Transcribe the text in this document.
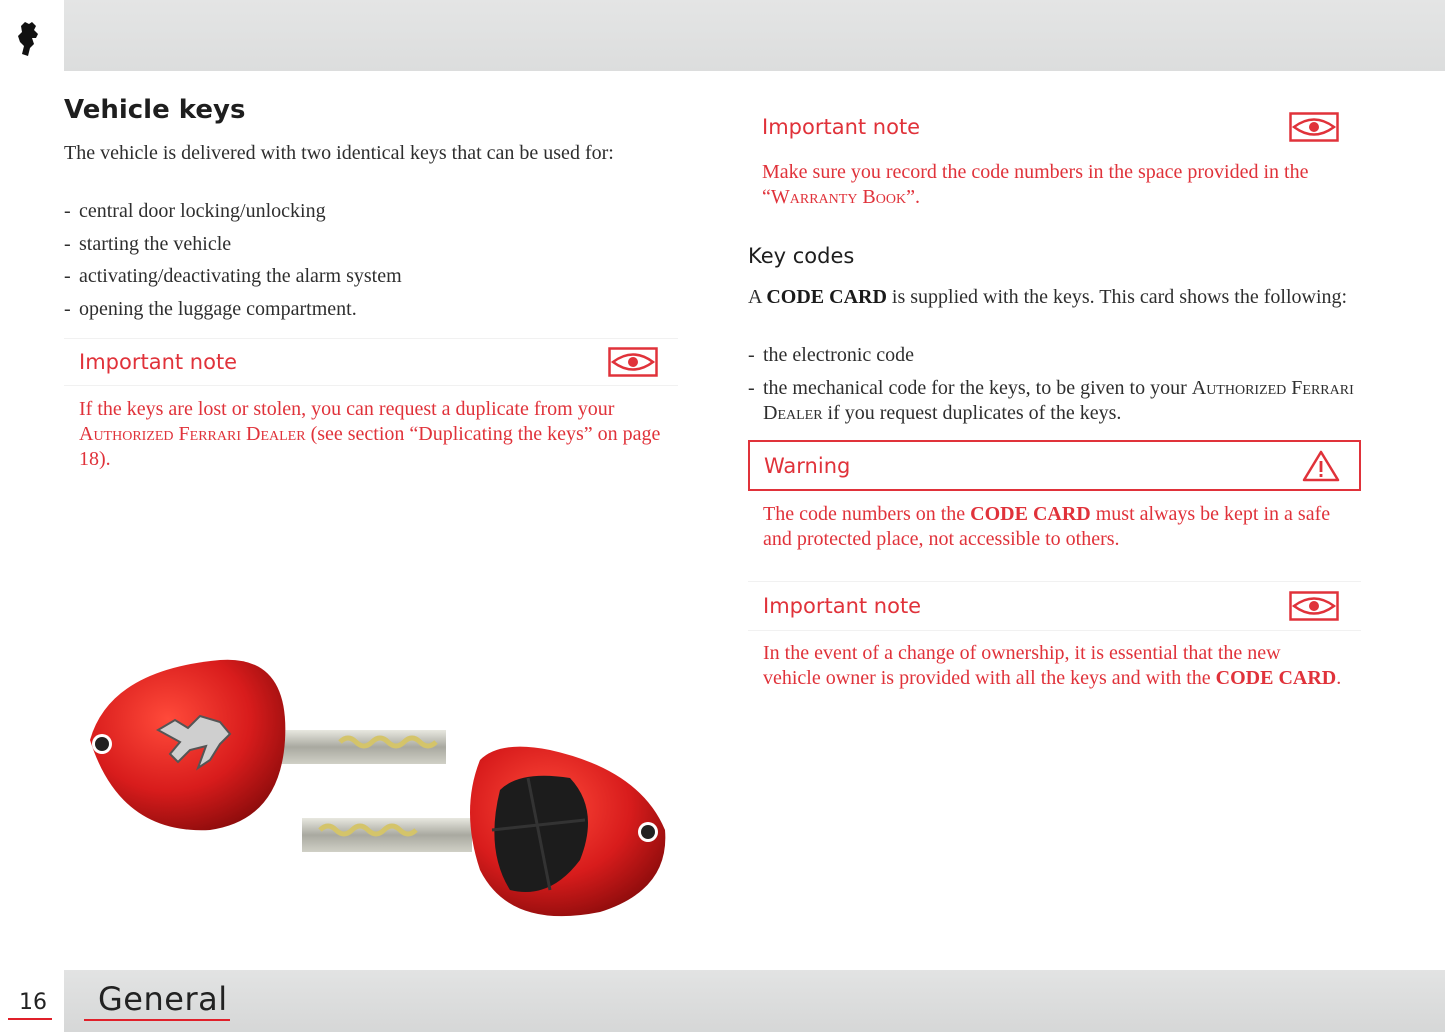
Vehicle keys

The vehicle is delivered with two identical keys that can be used for:

- central door locking/unlocking
- starting the vehicle
- activating/deactivating the alarm system
- opening the luggage compartment.
Important note

If the keys are lost or stolen, you can request a duplicate from your Authorized Ferrari Dealer (see section “Duplicating the keys” on page 18).

Important note

Make sure you record the code numbers in the space provided in the “Warranty Book”.

Key codes

A CODE CARD is supplied with the keys. This card shows the following:

- the electronic code
- the mechanical code for the keys, to be given to your Authorized Ferrari Dealer if you request duplicates of the keys.
Warning

The code numbers on the CODE CARD must always be kept in a safe and protected place, not accessible to others.

Important note

In the event of a change of ownership, it is essential that the new vehicle owner is provided with all the keys and with the CODE CARD.

16 General
